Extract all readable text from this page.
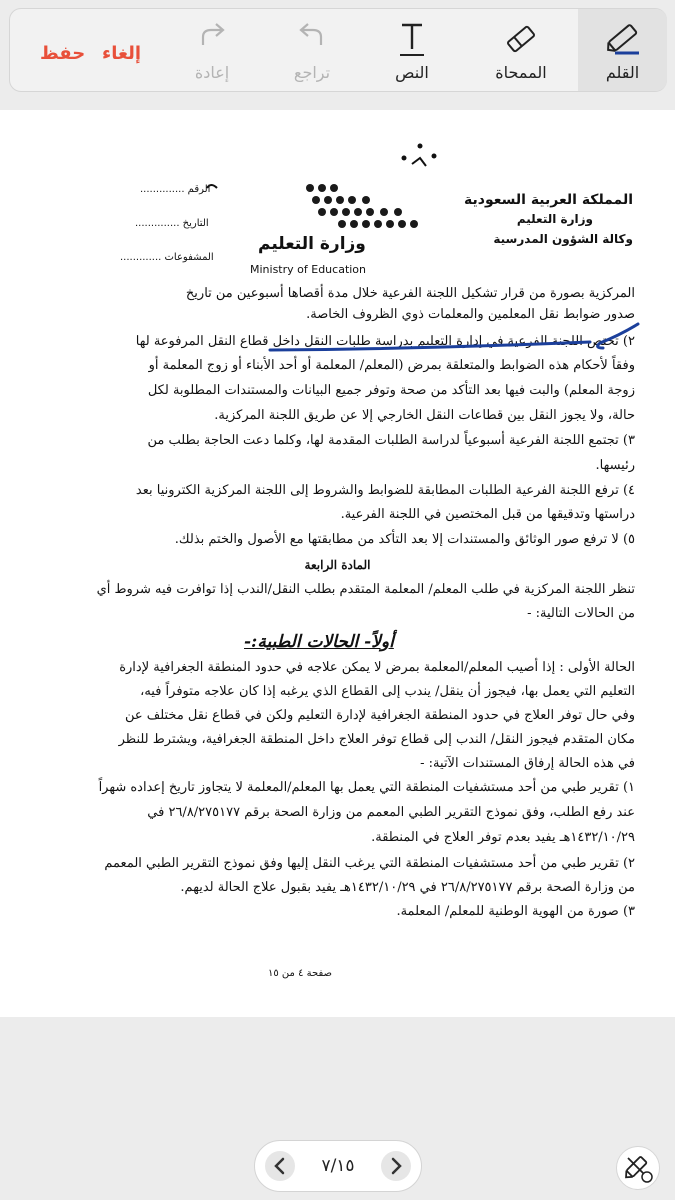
حفظ إلغاء
إعادة	تراجع	النص	الممحاة	القلم
المملكة العربية السعودية
وزارة التعليم
وكالة الشؤون المدرسية
الرقم ..............
التاريخ ..............
المشفوعات .............
وزارة التعليم
Ministry of Education
المركزية بصورة من قرار تشكيل اللجنة الفرعية خلال مدة أقصاها أسبوعين من تاريخ
صدور ضوابط نقل المعلمين والمعلمات ذوي الظروف الخاصة.
٢) تختص اللجنة الفرعية في إدارة التعليم بدراسة طلبات النقل داخل قطاع النقل المرفوعة لها
وفقاً لأحكام هذه الضوابط والمتعلقة بمرض (المعلم/ المعلمة أو أحد الأبناء أو زوج المعلمة أو
زوجة المعلم) والبت فيها بعد التأكد من صحة وتوفر جميع البيانات والمستندات المطلوبة لكل
حالة، ولا يجوز النقل بين قطاعات النقل الخارجي إلا عن طريق اللجنة المركزية.
٣) تجتمع اللجنة الفرعية أسبوعياً لدراسة الطلبات المقدمة لها، وكلما دعت الحاجة بطلب من
رئيسها.
٤) ترفع اللجنة الفرعية الطلبات المطابقة للضوابط والشروط إلى اللجنة المركزية الكترونيا بعد
دراستها وتدقيقها من قبل المختصين في اللجنة الفرعية.
٥) لا ترفع صور الوثائق والمستندات إلا بعد التأكد من مطابقتها مع الأصول والختم بذلك.
المادة الرابعة
تنظر اللجنة المركزية في طلب المعلم/ المعلمة المتقدم بطلب النقل/الندب إذا توافرت فيه شروط أي
من الحالات التالية: -
أولاً- الحالات الطبية:-
الحالة الأولى : إذا أصيب المعلم/المعلمة بمرض لا يمكن علاجه في حدود المنطقة الجغرافية لإدارة
التعليم التي يعمل بها، فيجوز أن ينقل/ يندب إلى القطاع الذي يرغبه إذا كان علاجه متوفراً فيه،
وفي حال توفر العلاج في حدود المنطقة الجغرافية لإدارة التعليم ولكن في قطاع نقل مختلف عن
مكان المتقدم فيجوز النقل/ الندب إلى قطاع توفر العلاج داخل المنطقة الجغرافية، ويشترط للنظر
في هذه الحالة إرفاق المستندات الآتية: -
١) تقرير طبي من أحد مستشفيات المنطقة التي يعمل بها المعلم/المعلمة لا يتجاوز تاريخ إعداده شهراً
عند رفع الطلب، وفق نموذج التقرير الطبي المعمم من وزارة الصحة برقم ٢٦/٨/٢٧٥١٧٧ في
١٤٣٢/١٠/٢٩هـ يفيد بعدم توفر العلاج في المنطقة.
٢) تقرير طبي من أحد مستشفيات المنطقة التي يرغب النقل إليها وفق نموذج التقرير الطبي المعمم
من وزارة الصحة برقم ٢٦/٨/٢٧٥١٧٧ في ١٤٣٢/١٠/٢٩هـ يفيد بقبول علاج الحالة لديهم.
٣) صورة من الهوية الوطنية للمعلم/ المعلمة.
صفحة ٤ من ١٥
٧/١٥
